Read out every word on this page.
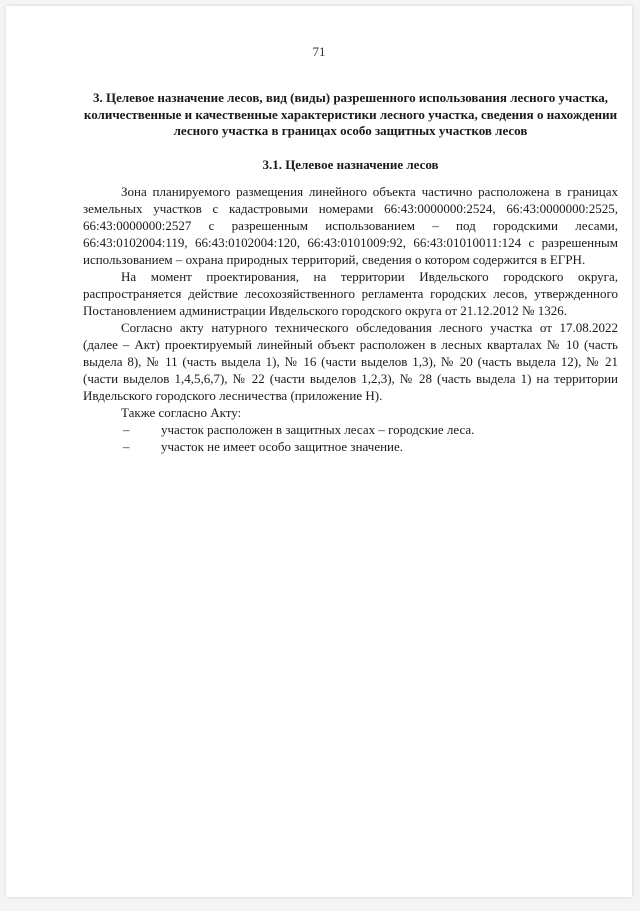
71

3. Целевое назначение лесов, вид (виды) разрешенного использования лесного участка, количественные и качественные характеристики лесного участка, сведения о нахождении лесного участка в границах особо защитных участков лесов

3.1. Целевое назначение лесов

Зона планируемого размещения линейного объекта частично расположена в границах земельных участков с кадастровыми номерами 66:43:0000000:2524, 66:43:0000000:2525, 66:43:0000000:2527 с разрешенным использованием – под городскими лесами, 66:43:0102004:119, 66:43:0102004:120, 66:43:0101009:92, 66:43:01010011:124 с разрешенным использованием – охрана природных территорий, сведения о котором содержится в ЕГРН.

На момент проектирования, на территории Ивдельского городского округа, распространяется действие лесохозяйственного регламента городских лесов, утвержденного Постановлением администрации Ивдельского городского округа от 21.12.2012 № 1326.

Согласно акту натурного технического обследования лесного участка от 17.08.2022 (далее – Акт) проектируемый линейный объект расположен в лесных кварталах № 10 (часть выдела 8), № 11 (часть выдела 1), № 16 (части выделов 1,3), № 20 (часть выдела 12), № 21 (части выделов 1,4,5,6,7), № 22 (части выделов 1,2,3), № 28 (часть выдела 1) на территории Ивдельского городского лесничества (приложение Н).

Также согласно Акту:

–	участок расположен в защитных лесах – городские леса.
–	участок не имеет особо защитное значение.
